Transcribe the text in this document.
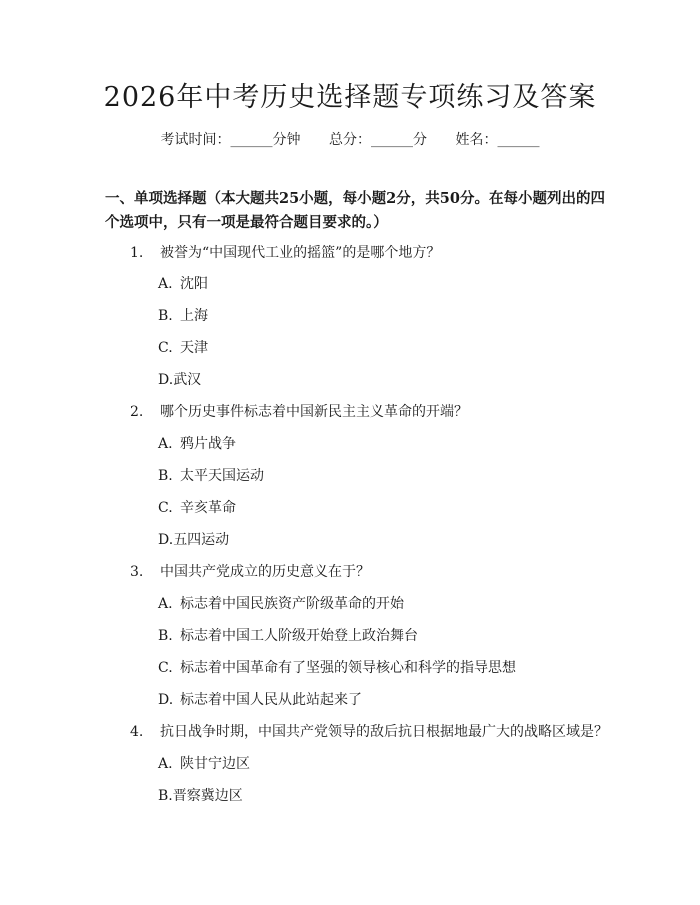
2026年中考历史选择题专项练习及答案
考试时间：______分钟 总分：______分 姓名：______
一、单项选择题（本大题共25小题，每小题2分，共50分。在每小题列出的四
个选项中，只有一项是最符合题目要求的。）
1. 被誉为“中国现代工业的摇篮”的是哪个地方？
A. 沈阳
B. 上海
C. 天津
D.武汉
2. 哪个历史事件标志着中国新民主主义革命的开端？
A. 鸦片战争
B. 太平天国运动
C. 辛亥革命
D.五四运动
3. 中国共产党成立的历史意义在于？
A. 标志着中国民族资产阶级革命的开始
B. 标志着中国工人阶级开始登上政治舞台
C. 标志着中国革命有了坚强的领导核心和科学的指导思想
D. 标志着中国人民从此站起来了
4. 抗日战争时期，中国共产党领导的敌后抗日根据地最广大的战略区域是？
A. 陕甘宁边区
B.晋察冀边区
